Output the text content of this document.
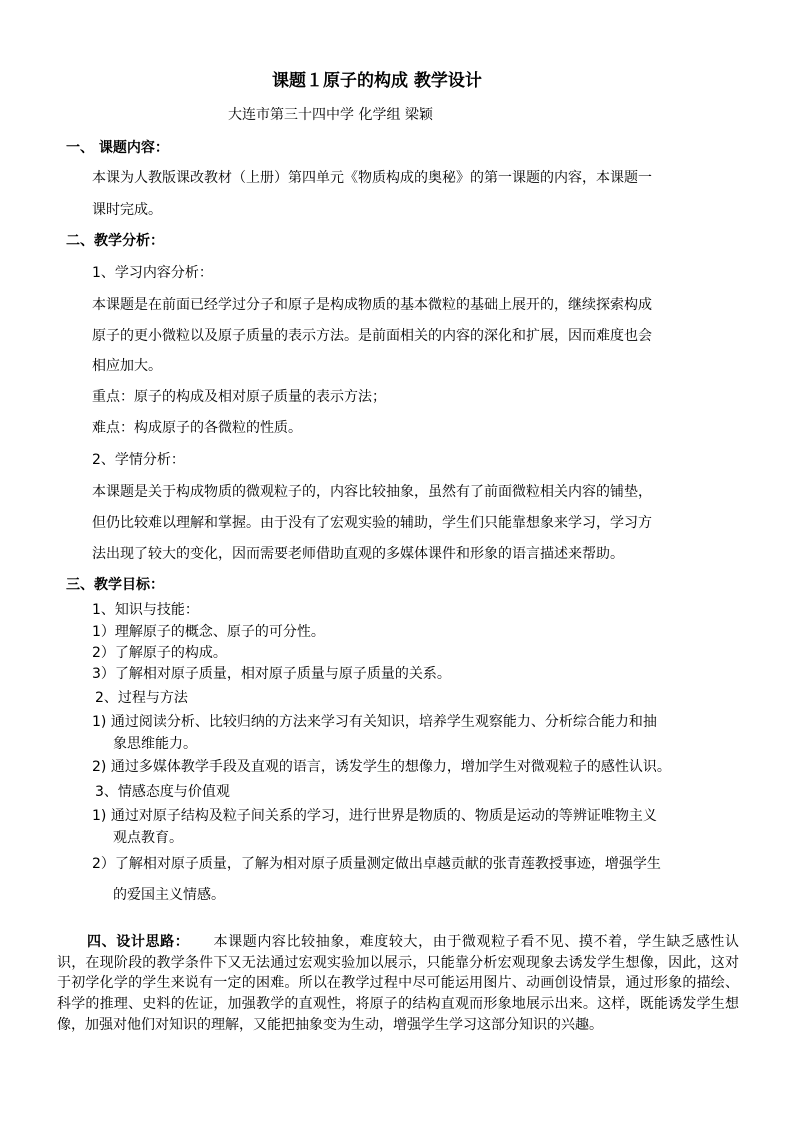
课题１原子的构成 教学设计
大连市第三十四中学 化学组 梁颖
一、 课题内容：
本课为人教版课改教材（上册）第四单元《物质构成的奥秘》的第一课题的内容，本课题一
课时完成。
二、教学分析：
1、学习内容分析：
本课题是在前面已经学过分子和原子是构成物质的基本微粒的基础上展开的，继续探索构成
原子的更小微粒以及原子质量的表示方法。是前面相关的内容的深化和扩展，因而难度也会
相应加大。
重点：原子的构成及相对原子质量的表示方法；
难点：构成原子的各微粒的性质。
2、学情分析：
本课题是关于构成物质的微观粒子的，内容比较抽象，虽然有了前面微粒相关内容的铺垫，
但仍比较难以理解和掌握。由于没有了宏观实验的辅助，学生们只能靠想象来学习，学习方
法出现了较大的变化，因而需要老师借助直观的多媒体课件和形象的语言描述来帮助。
三、教学目标：
1、知识与技能：
1）理解原子的概念、原子的可分性。
2）了解原子的构成。
3）了解相对原子质量，相对原子质量与原子质量的关系。
2、过程与方法
1) 通过阅读分析、比较归纳的方法来学习有关知识，培养学生观察能力、分析综合能力和抽
象思维能力。
2) 通过多媒体教学手段及直观的语言，诱发学生的想像力，增加学生对微观粒子的感性认识。
3、情感态度与价值观
1) 通过对原子结构及粒子间关系的学习，进行世界是物质的、物质是运动的等辨证唯物主义
观点教育。
2）了解相对原子质量，了解为相对原子质量测定做出卓越贡献的张青莲教授事迹，增强学生
的爱国主义情感。
四、设计思路： 本课题内容比较抽象，难度较大，由于微观粒子看不见、摸不着，学生缺乏感性认识，在现阶段的教学条件下又无法通过宏观实验加以展示，只能靠分析宏观现象去诱发学生想像，因此，这对于初学化学的学生来说有一定的困难。所以在教学过程中尽可能运用图片、动画创设情景，通过形象的描绘、科学的推理、史料的佐证，加强教学的直观性，将原子的结构直观而形象地展示出来。这样，既能诱发学生想像，加强对他们对知识的理解，又能把抽象变为生动，增强学生学习这部分知识的兴趣。
